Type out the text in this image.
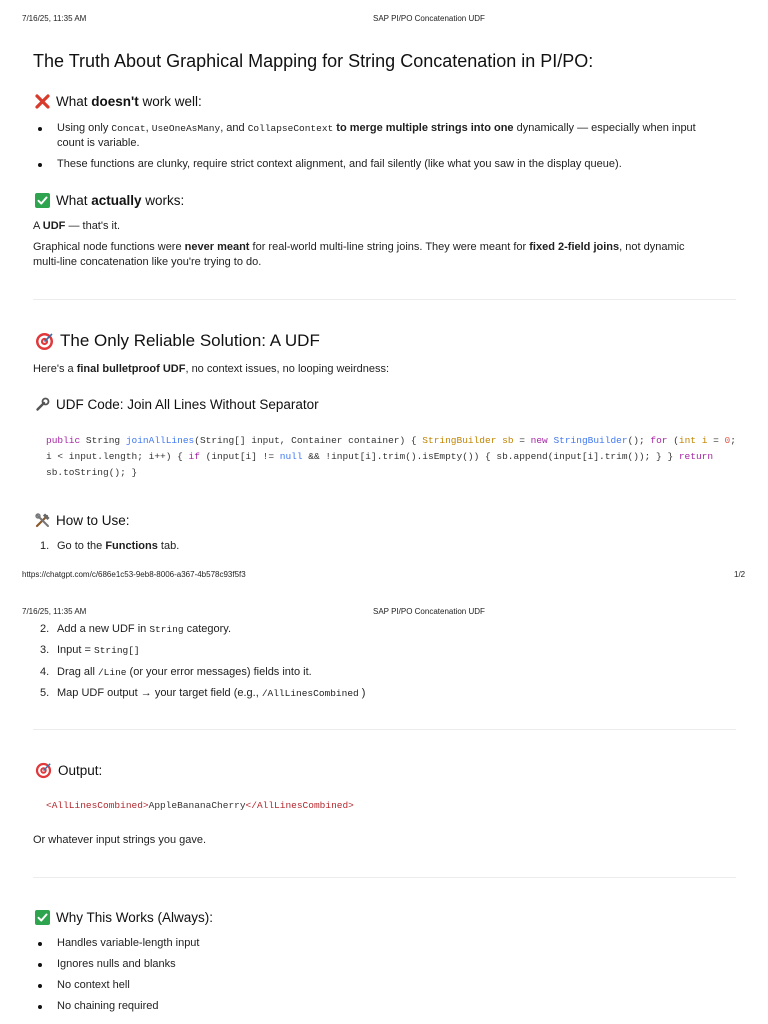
7/16/25, 11:35 AM	SAP PI/PO Concatenation UDF
The Truth About Graphical Mapping for String Concatenation in PI/PO:
What doesn't work well:
Using only Concat, UseOneAsMany, and CollapseContext to merge multiple strings into one dynamically — especially when input
count is variable.
These functions are clunky, require strict context alignment, and fail silently (like what you saw in the display queue).
What actually works:

A UDF — that's it.

Graphical node functions were never meant for real-world multi-line string joins. They were meant for fixed 2-field joins, not dynamic
multi-line concatenation like you're trying to do.

The Only Reliable Solution: A UDF

Here's a final bulletproof UDF, no context issues, no looping weirdness:

UDF Code: Join All Lines Without Separator
public String joinAllLines(String[] input, Container container) { StringBuilder sb = new StringBuilder(); for (int i = 0;
i < input.length; i++) { if (input[i] != null && !input[i].trim().isEmpty()) { sb.append(input[i].trim()); } } return
sb.toString(); }
How to Use:
1. Go to the Functions tab.
https://chatgpt.com/c/686e1c53-9eb8-8006-a367-4b578c93f5f3	1/2
7/16/25, 11:35 AM	SAP PI/PO Concatenation UDF
2. Add a new UDF in String category.
3. Input = String[]
4. Drag all /Line (or your error messages) fields into it.
5. Map UDF output → your target field (e.g., /AllLinesCombined )
Output:
<AllLinesCombined>AppleBananaCherry</AllLinesCombined>

Or whatever input strings you gave.

Why This Works (Always):
Handles variable-length input
Ignores nulls and blanks
No context hell
No chaining required
